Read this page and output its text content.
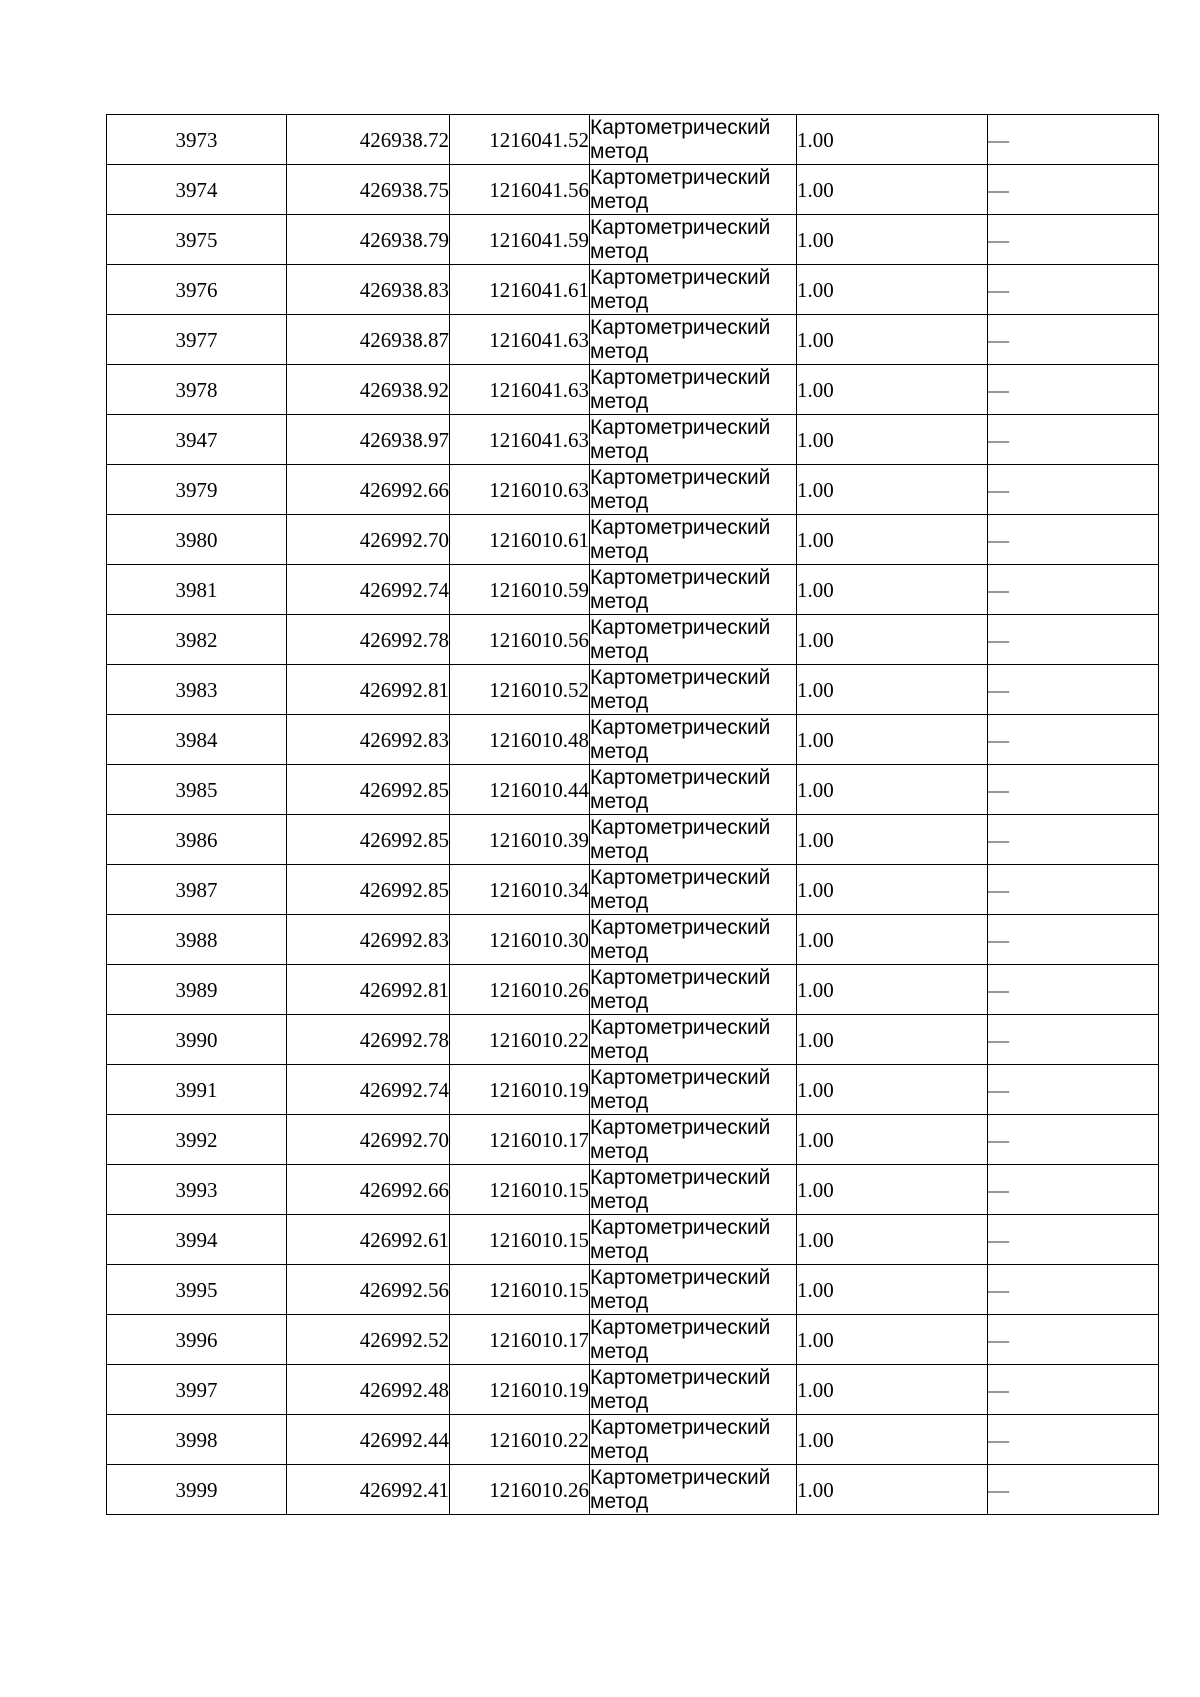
3973	426938.72	1216041.52	Картометрический
метод	1.00	—
3974	426938.75	1216041.56	Картометрический
метод	1.00	—
3975	426938.79	1216041.59	Картометрический
метод	1.00	—
3976	426938.83	1216041.61	Картометрический
метод	1.00	—
3977	426938.87	1216041.63	Картометрический
метод	1.00	—
3978	426938.92	1216041.63	Картометрический
метод	1.00	—
3947	426938.97	1216041.63	Картометрический
метод	1.00	—
3979	426992.66	1216010.63	Картометрический
метод	1.00	—
3980	426992.70	1216010.61	Картометрический
метод	1.00	—
3981	426992.74	1216010.59	Картометрический
метод	1.00	—
3982	426992.78	1216010.56	Картометрический
метод	1.00	—
3983	426992.81	1216010.52	Картометрический
метод	1.00	—
3984	426992.83	1216010.48	Картометрический
метод	1.00	—
3985	426992.85	1216010.44	Картометрический
метод	1.00	—
3986	426992.85	1216010.39	Картометрический
метод	1.00	—
3987	426992.85	1216010.34	Картометрический
метод	1.00	—
3988	426992.83	1216010.30	Картометрический
метод	1.00	—
3989	426992.81	1216010.26	Картометрический
метод	1.00	—
3990	426992.78	1216010.22	Картометрический
метод	1.00	—
3991	426992.74	1216010.19	Картометрический
метод	1.00	—
3992	426992.70	1216010.17	Картометрический
метод	1.00	—
3993	426992.66	1216010.15	Картометрический
метод	1.00	—
3994	426992.61	1216010.15	Картометрический
метод	1.00	—
3995	426992.56	1216010.15	Картометрический
метод	1.00	—
3996	426992.52	1216010.17	Картометрический
метод	1.00	—
3997	426992.48	1216010.19	Картометрический
метод	1.00	—
3998	426992.44	1216010.22	Картометрический
метод	1.00	—
3999	426992.41	1216010.26	Картометрический
метод	1.00	—
